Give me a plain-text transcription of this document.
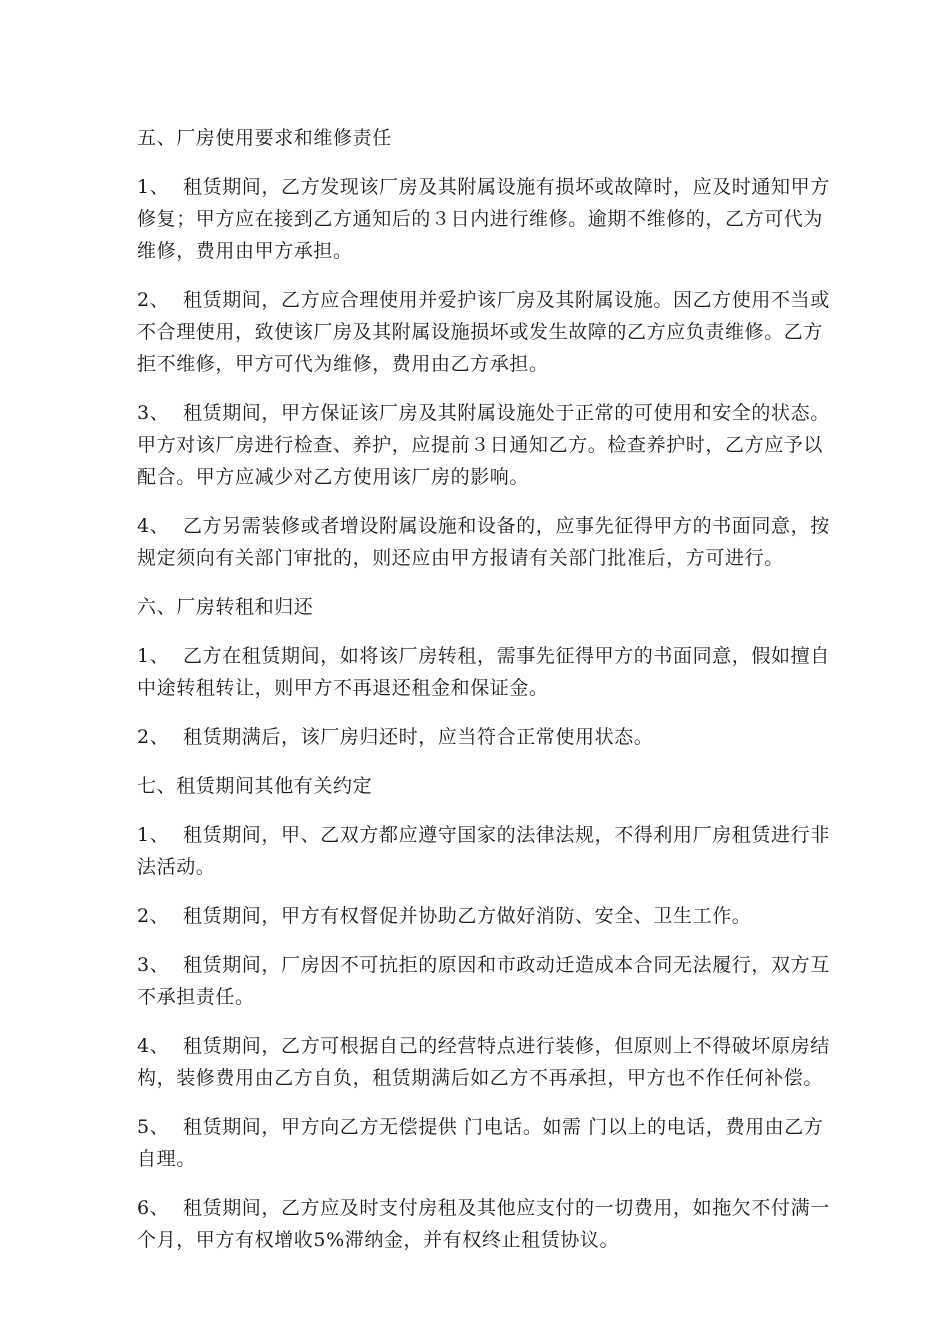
五、厂房使用要求和维修责任

1、 租赁期间，乙方发现该厂房及其附属设施有损坏或故障时，应及时通知甲方修复；甲方应在接到乙方通知后的３日内进行维修。逾期不维修的，乙方可代为维修，费用由甲方承担。

2、 租赁期间，乙方应合理使用并爱护该厂房及其附属设施。因乙方使用不当或不合理使用，致使该厂房及其附属设施损坏或发生故障的乙方应负责维修。乙方拒不维修，甲方可代为维修，费用由乙方承担。

3、 租赁期间，甲方保证该厂房及其附属设施处于正常的可使用和安全的状态。甲方对该厂房进行检查、养护，应提前３日通知乙方。检查养护时，乙方应予以配合。甲方应减少对乙方使用该厂房的影响。

4、 乙方另需装修或者增设附属设施和设备的，应事先征得甲方的书面同意，按规定须向有关部门审批的，则还应由甲方报请有关部门批准后，方可进行。

六、厂房转租和归还

1、 乙方在租赁期间，如将该厂房转租，需事先征得甲方的书面同意，假如擅自中途转租转让，则甲方不再退还租金和保证金。

2、 租赁期满后，该厂房归还时，应当符合正常使用状态。

七、租赁期间其他有关约定

1、 租赁期间，甲、乙双方都应遵守国家的法律法规，不得利用厂房租赁进行非法活动。

2、 租赁期间，甲方有权督促并协助乙方做好消防、安全、卫生工作。

3、 租赁期间，厂房因不可抗拒的原因和市政动迁造成本合同无法履行，双方互不承担责任。

4、 租赁期间，乙方可根据自己的经营特点进行装修，但原则上不得破坏原房结构，装修费用由乙方自负，租赁期满后如乙方不再承担，甲方也不作任何补偿。

5、 租赁期间，甲方向乙方无偿提供 门电话。如需 门以上的电话，费用由乙方自理。

6、 租赁期间，乙方应及时支付房租及其他应支付的一切费用，如拖欠不付满一个月，甲方有权增收5%滞纳金，并有权终止租赁协议。
